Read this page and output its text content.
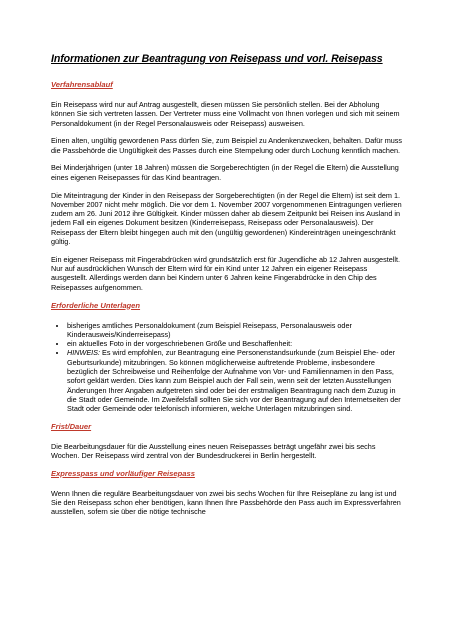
Informationen zur Beantragung von Reisepass und vorl. Reisepass
Verfahrensablauf

Ein Reisepass wird nur auf Antrag ausgestellt, diesen müssen Sie persönlich stellen. Bei der Abholung können Sie sich vertreten lassen. Der Vertreter muss eine Vollmacht von Ihnen vorlegen und sich mit seinem Personaldokument (in der Regel Personalausweis oder Reisepass) ausweisen.

Einen alten, ungültig gewordenen Pass dürfen Sie, zum Beispiel zu Andenkenzwecken, behalten. Dafür muss die Passbehörde die Ungültigkeit des Passes durch eine Stempelung oder durch Lochung kenntlich machen.

Bei Minderjährigen (unter 18 Jahren) müssen die Sorgeberechtigten (in der Regel die Eltern) die Ausstellung eines eigenen Reisepasses für das Kind beantragen.

Die Miteintragung der Kinder in den Reisepass der Sorgeberechtigten (in der Regel die Eltern) ist seit dem 1. November 2007 nicht mehr möglich. Die vor dem 1. November 2007 vorgenommenen Eintragungen verlieren zudem am 26. Juni 2012 ihre Gültigkeit. Kinder müssen daher ab diesem Zeitpunkt bei Reisen ins Ausland in jedem Fall ein eigenes Dokument besitzen (Kinderreisepass, Reisepass oder Personalausweis). Der Reisepass der Eltern bleibt hingegen auch mit den (ungültig gewordenen) Kindereinträgen uneingeschränkt gültig.

Ein eigener Reisepass mit Fingerabdrücken wird grundsätzlich erst für Jugendliche ab 12 Jahren ausgestellt. Nur auf ausdrücklichen Wunsch der Eltern wird für ein Kind unter 12 Jahren ein eigener Reisepass ausgestellt. Allerdings werden dann bei Kindern unter 6 Jahren keine Fingerabdrücke in den Chip des Reisepasses aufgenommen.

Erforderliche Unterlagen
• bisheriges amtliches Personaldokument (zum Beispiel Reisepass, Personalausweis oder Kinderausweis/Kinderreisepass)
• ein aktuelles Foto in der vorgeschriebenen Größe und Beschaffenheit:
• HINWEIS: Es wird empfohlen, zur Beantragung eine Personenstandsurkunde (zum Beispiel Ehe- oder Geburtsurkunde) mitzubringen. So können möglicherweise auftretende Probleme, insbesondere bezüglich der Schreibweise und Reihenfolge der Aufnahme von Vor- und Familiennamen in den Pass, sofort geklärt werden. Dies kann zum Beispiel auch der Fall sein, wenn seit der letzten Ausstellungen Änderungen Ihrer Angaben aufgetreten sind oder bei der erstmaligen Beantragung nach dem Zuzug in die Stadt oder Gemeinde. Im Zweifelsfall sollten Sie sich vor der Beantragung auf den Internetseiten der Stadt oder Gemeinde oder telefonisch informieren, welche Unterlagen mitzubringen sind.
Frist/Dauer

Die Bearbeitungsdauer für die Ausstellung eines neuen Reisepasses beträgt ungefähr zwei bis sechs Wochen. Der Reisepass wird zentral von der Bundesdruckerei in Berlin hergestellt.

Expresspass und vorläufiger Reisepass

Wenn Ihnen die reguläre Bearbeitungsdauer von zwei bis sechs Wochen für Ihre Reisepläne zu lang ist und Sie den Reisepass schon eher benötigen, kann Ihnen Ihre Passbehörde den Pass auch im Expressverfahren ausstellen, sofern sie über die nötige technische
